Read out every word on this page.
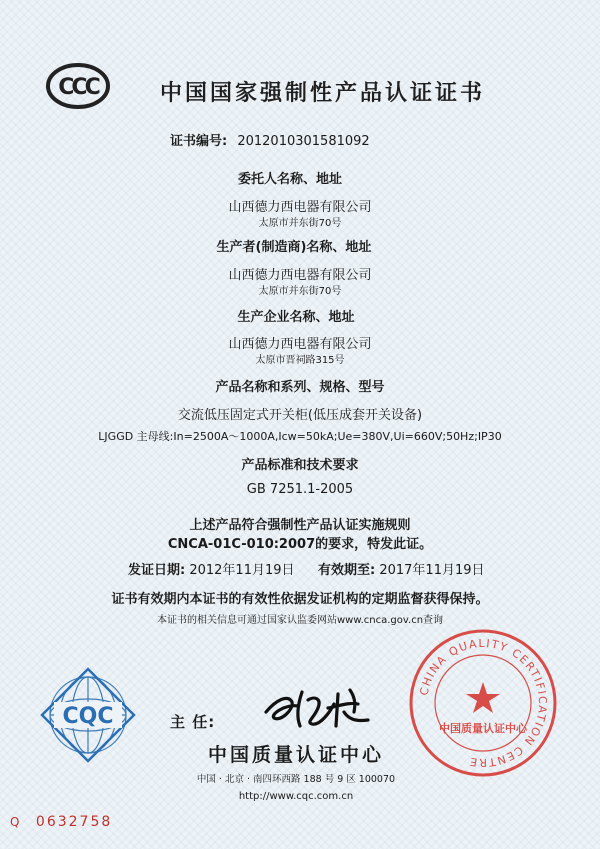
CCC	中国国家强制性产品认证证书
证书编号: 2012010301581092
委托人名称、地址
山西德力西电器有限公司
太原市并东街70号
生产者(制造商)名称、地址
山西德力西电器有限公司
太原市并东街70号
生产企业名称、地址
山西德力西电器有限公司
太原市晋祠路315号
产品名称和系列、规格、型号
交流低压固定式开关柜(低压成套开关设备)
LJGGD 主母线:In=2500A～1000A,Icw=50kA;Ue=380V,Ui=660V;50Hz;IP30
产品标准和技术要求
GB 7251.1-2005
上述产品符合强制性产品认证实施规则
CNCA-01C-010:2007的要求，特发此证。
发证日期: 2012年11月19日 有效期至: 2017年11月19日
证书有效期内本证书的有效性依据发证机构的定期监督获得保持。
本证书的相关信息可通过国家认监委网站www.cnca.gov.cn查询
CQC	主 任:
中国质量认证中心
中国 · 北京 · 南四环西路 188 号 9 区 100070
http://www.cqc.com.cn
CHINA QUALITY CERTIFICATION CENTRE
中国质量认证中心
Q 0632758
